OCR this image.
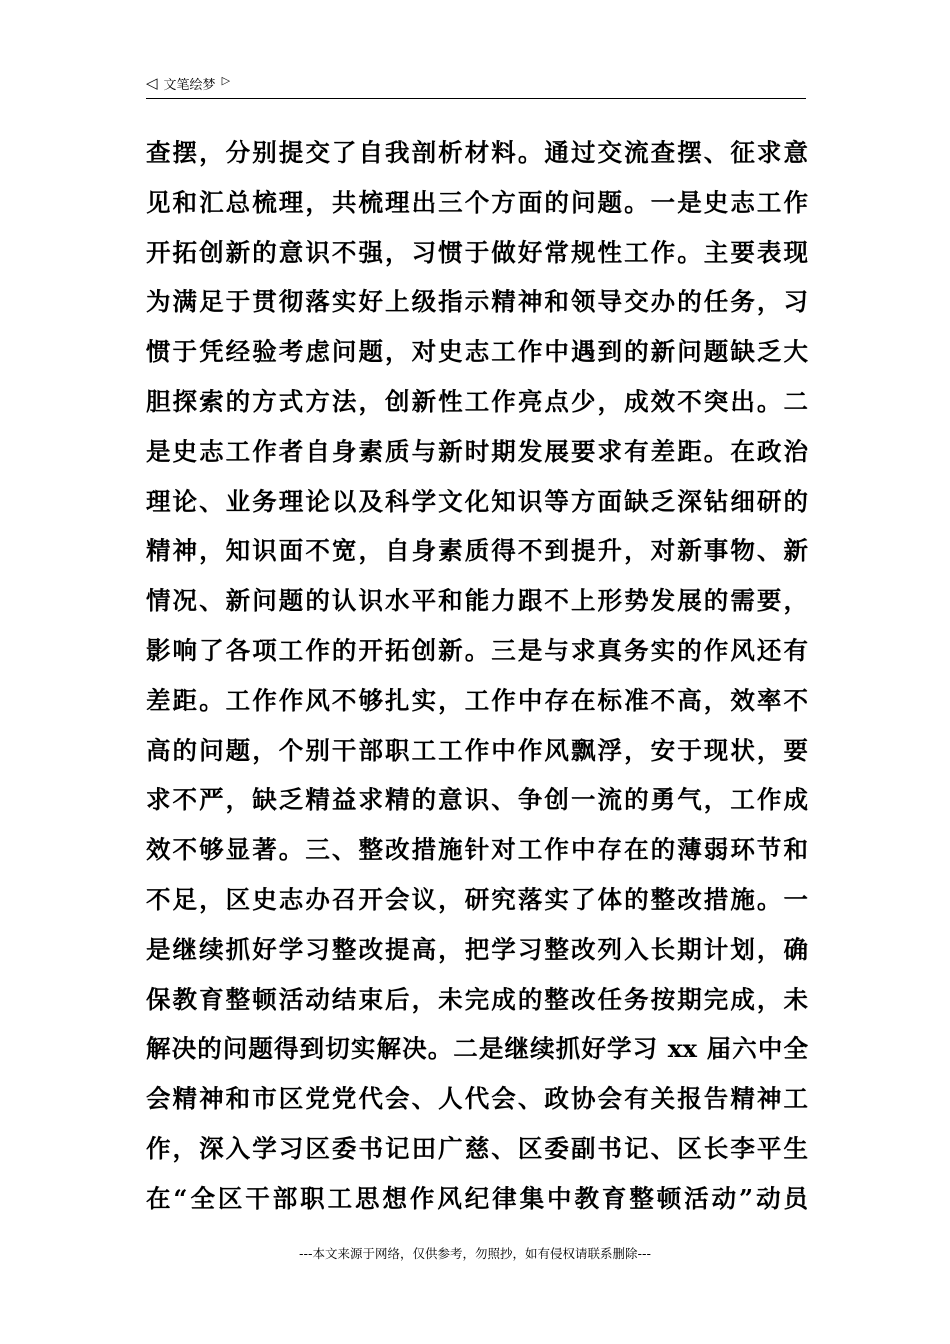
◁ 文笔绘梦 ▷
查摆，分别提交了自我剖析材料。通过交流查摆、征求意
见和汇总梳理，共梳理出三个方面的问题。一是史志工作
开拓创新的意识不强，习惯于做好常规性工作。主要表现
为满足于贯彻落实好上级指示精神和领导交办的任务，习
惯于凭经验考虑问题，对史志工作中遇到的新问题缺乏大
胆探索的方式方法，创新性工作亮点少，成效不突出。二
是史志工作者自身素质与新时期发展要求有差距。在政治
理论、业务理论以及科学文化知识等方面缺乏深钻细研的
精神，知识面不宽，自身素质得不到提升，对新事物、新
情况、新问题的认识水平和能力跟不上形势发展的需要，
影响了各项工作的开拓创新。三是与求真务实的作风还有
差距。工作作风不够扎实，工作中存在标准不高，效率不
高的问题，个别干部职工工作中作风飘浮，安于现状，要
求不严，缺乏精益求精的意识、争创一流的勇气，工作成
效不够显著。三、整改措施针对工作中存在的薄弱环节和
不足，区史志办召开会议，研究落实了体的整改措施。一
是继续抓好学习整改提高，把学习整改列入长期计划，确
保教育整顿活动结束后，未完成的整改任务按期完成，未
解决的问题得到切实解决。二是继续抓好学习 xx 届六中全
会精神和市区党党代会、人代会、政协会有关报告精神工
作，深入学习区委书记田广慈、区委副书记、区长李平生
在“全区干部职工思想作风纪律集中教育整顿活动”动员
---本文来源于网络，仅供参考，勿照抄，如有侵权请联系删除---
